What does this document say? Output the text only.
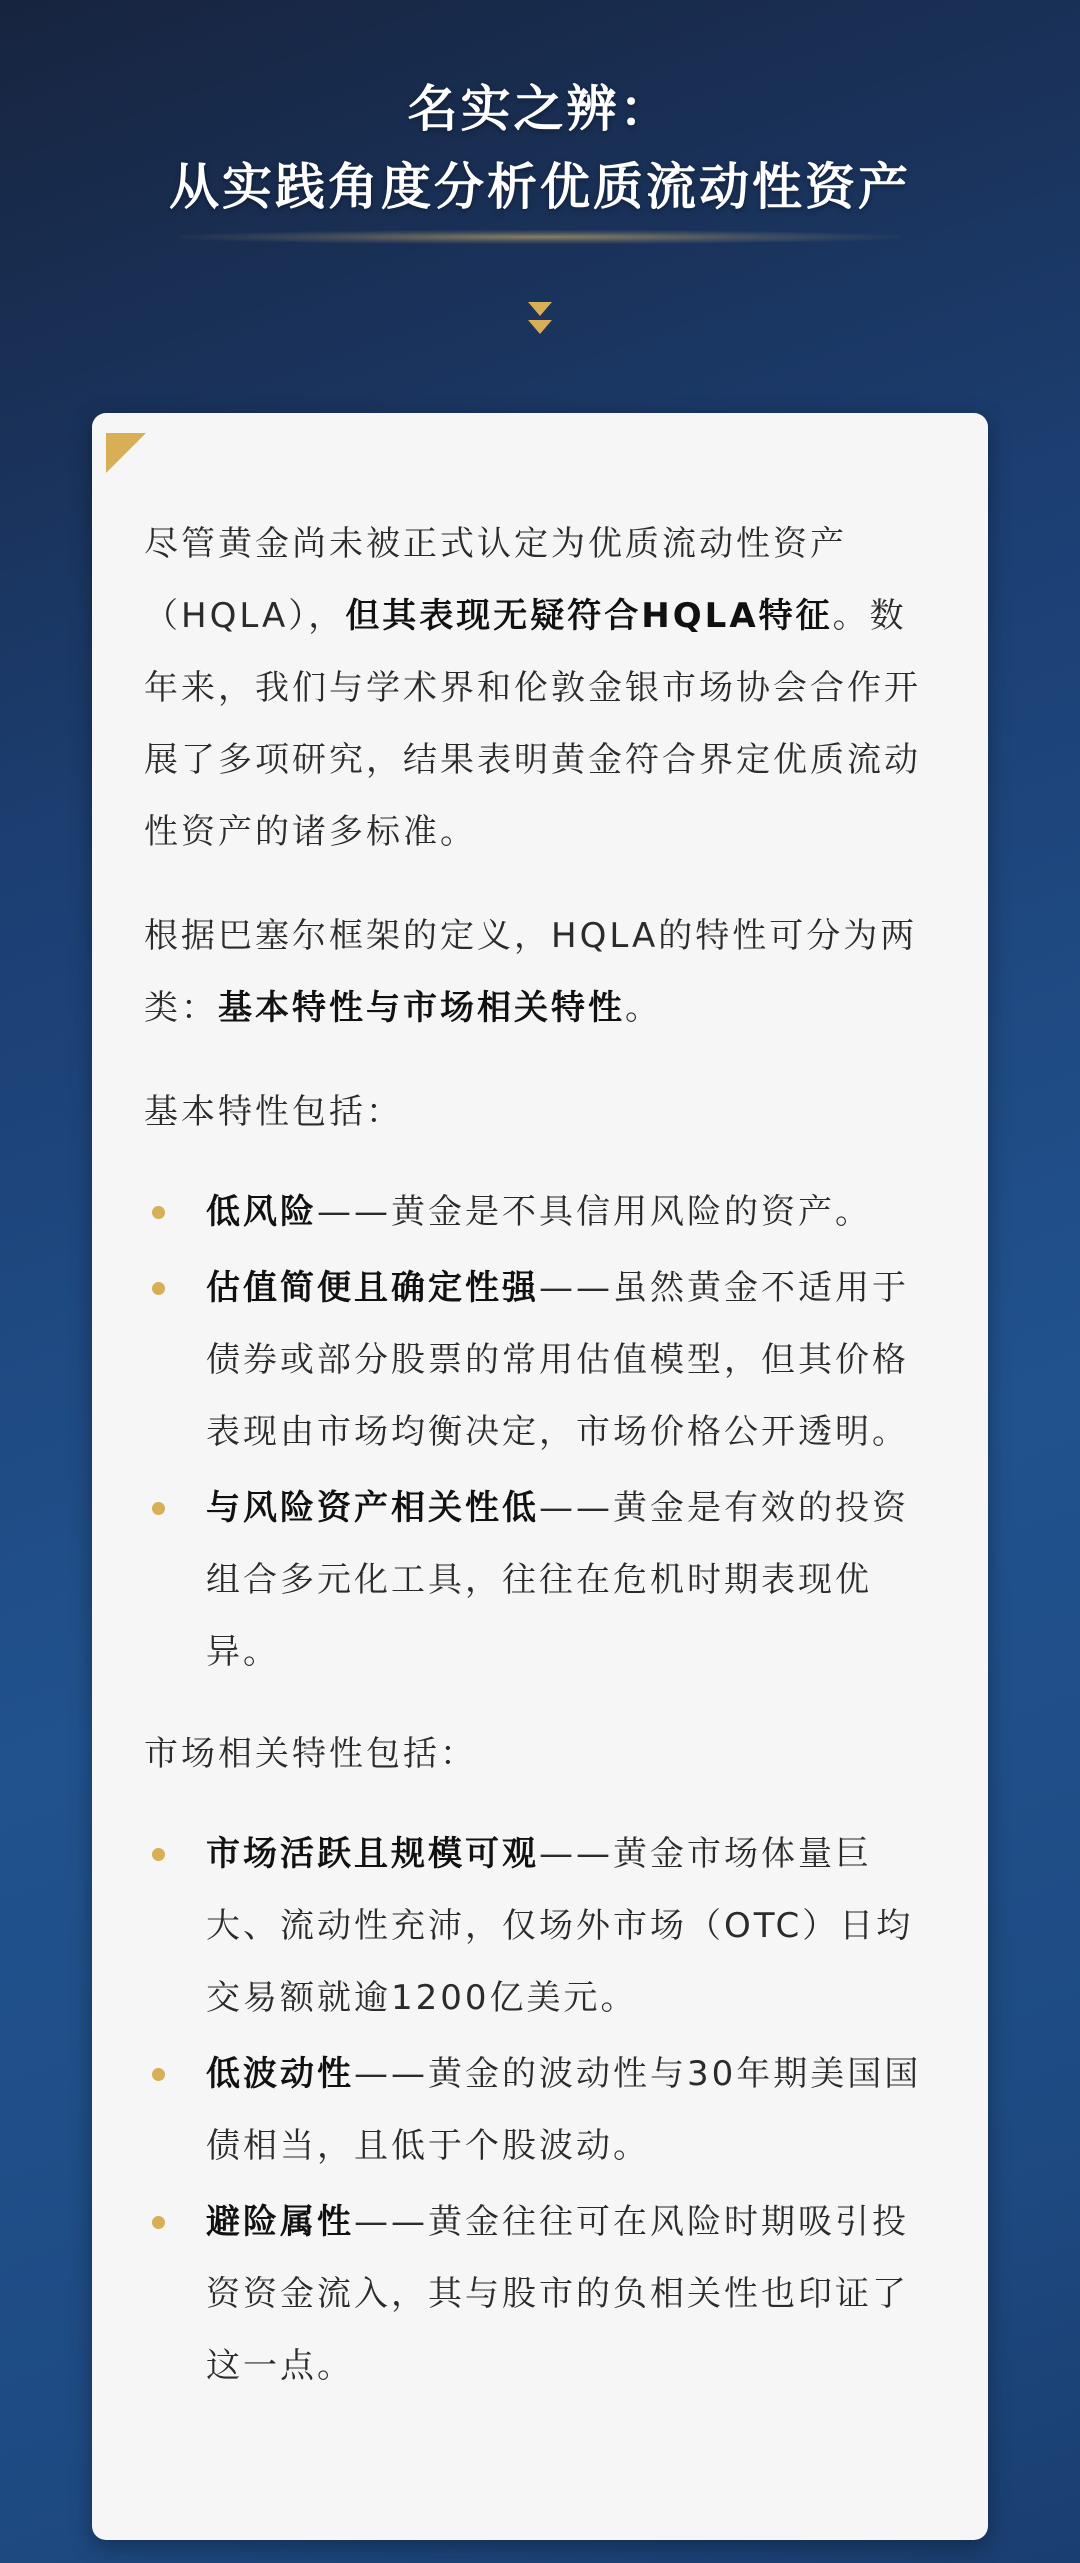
名实之辨：
从实践角度分析优质流动性资产

尽管黄金尚未被正式认定为优质流动性资产（HQLA），但其表现无疑符合HQLA特征。数年来，我们与学术界和伦敦金银市场协会合作开展了多项研究，结果表明黄金符合界定优质流动性资产的诸多标准。

根据巴塞尔框架的定义，HQLA的特性可分为两类：基本特性与市场相关特性。

基本特性包括：

低风险——黄金是不具信用风险的资产。
估值简便且确定性强——虽然黄金不适用于债券或部分股票的常用估值模型，但其价格表现由市场均衡决定，市场价格公开透明。
与风险资产相关性低——黄金是有效的投资组合多元化工具，往往在危机时期表现优异。

市场相关特性包括：

市场活跃且规模可观——黄金市场体量巨大、流动性充沛，仅场外市场（OTC）日均交易额就逾1200亿美元。
低波动性——黄金的波动性与30年期美国国债相当，且低于个股波动。
避险属性——黄金往往可在风险时期吸引投资资金流入，其与股市的负相关性也印证了这一点。
